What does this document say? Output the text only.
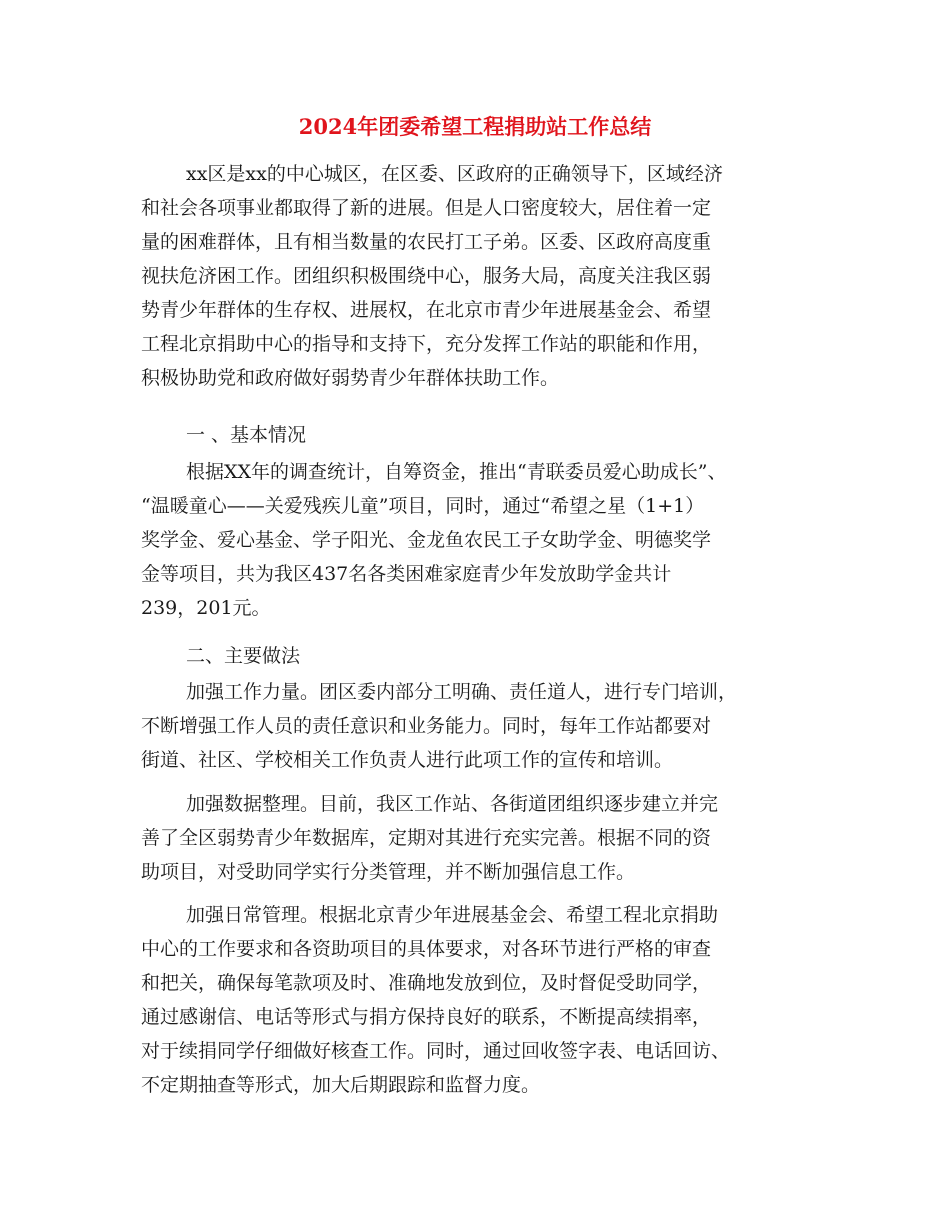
2024年团委希望工程捐助站工作总结
xx区是xx的中心城区，在区委、区政府的正确领导下，区域经济
和社会各项事业都取得了新的进展。但是人口密度较大，居住着一定
量的困难群体，且有相当数量的农民打工子弟。区委、区政府高度重
视扶危济困工作。团组织积极围绕中心，服务大局，高度关注我区弱
势青少年群体的生存权、进展权，在北京市青少年进展基金会、希望
工程北京捐助中心的指导和支持下，充分发挥工作站的职能和作用，
积极协助党和政府做好弱势青少年群体扶助工作。
一 、基本情况
根据XX年的调查统计，自筹资金，推出“青联委员爱心助成长”、
“温暖童心——关爱残疾儿童”项目，同时，通过“希望之星（1+1）
奖学金、爱心基金、学子阳光、金龙鱼农民工子女助学金、明德奖学
金等项目，共为我区437名各类困难家庭青少年发放助学金共计
239，201元。
二、主要做法
加强工作力量。团区委内部分工明确、责任道人，进行专门培训，
不断增强工作人员的责任意识和业务能力。同时，每年工作站都要对
街道、社区、学校相关工作负责人进行此项工作的宣传和培训。
加强数据整理。目前，我区工作站、各街道团组织逐步建立并完
善了全区弱势青少年数据库，定期对其进行充实完善。根据不同的资
助项目，对受助同学实行分类管理，并不断加强信息工作。
加强日常管理。根据北京青少年进展基金会、希望工程北京捐助
中心的工作要求和各资助项目的具体要求，对各环节进行严格的审查
和把关，确保每笔款项及时、准确地发放到位，及时督促受助同学，
通过感谢信、电话等形式与捐方保持良好的联系，不断提高续捐率，
对于续捐同学仔细做好核查工作。同时，通过回收签字表、电话回访、
不定期抽查等形式，加大后期跟踪和监督力度。
